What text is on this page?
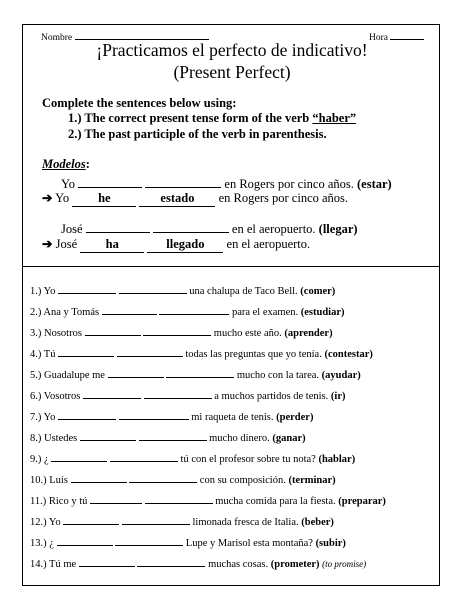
Nombre	Hora
¡Practicamos el perfecto de indicativo!
(Present Perfect)
Complete the sentences below using:
1.) The correct present tense form of the verb “haber”
2.) The past participle of the verb in parenthesis.
Modelos:
Yo	en Rogers por cinco años. (estar)
➔ Yo he	estado en Rogers por cinco años.
José	en el aeropuerto. (llegar)
➔ José ha	llegado en el aeropuerto.
1.) Yo	una chalupa de Taco Bell. (comer)
2.) Ana y Tomás	para el examen. (estudiar)
3.) Nosotros	mucho este año. (aprender)
4.) Tú	todas las preguntas que yo tenía. (contestar)
5.) Guadalupe me	mucho con la tarea. (ayudar)
6.) Vosotros	a muchos partidos de tenis. (ir)
7.) Yo	mi raqueta de tenis. (perder)
8.) Ustedes	mucho dinero. (ganar)
9.) ¿	tú con el profesor sobre tu nota? (hablar)
10.) Luís	con su composición. (terminar)
11.) Rico y tú	mucha comida para la fiesta. (preparar)
12.) Yo	limonada fresca de Italia. (beber)
13.) ¿	Lupe y Marisol esta montaña? (subir)
14.) Tú me	muchas cosas. (prometer) (to promise)
